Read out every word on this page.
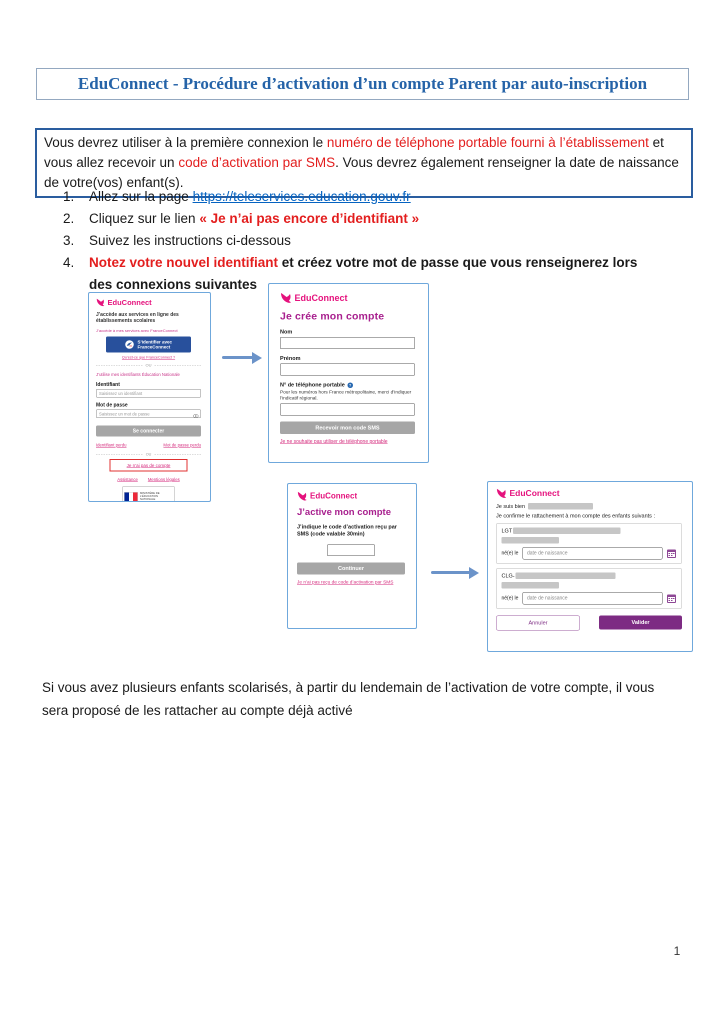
EduConnect - Procédure d’activation d’un compte Parent par auto-inscription
Vous devrez utiliser à la première connexion le numéro de téléphone portable fourni à l’établissement et vous allez recevoir un code d’activation par SMS. Vous devrez également renseigner la date de naissance de votre(vos) enfant(s).
1.	Allez sur la page https://teleservices.education.gouv.fr
2.	Cliquez sur le lien « Je n’ai pas encore d’identifiant »
3.	Suivez les instructions ci-dessous
4.	Notez votre nouvel identifiant et créez votre mot de passe que vous renseignerez lors des connexions suivantes
EduConnect
J’accède aux services en ligne des établissements scolaires
J’accède à mes services avec FranceConnect
S’identifier avec
FranceConnect
Qu’est-ce que FranceConnect ?
OU
J’utilise mes identifiants Éducation Nationale
Identifiant
Saisissez un identifiant
Mot de passe
Saisissez un mot de passe
Se connecter
Identifiant perdu	Mot de passe perdu
OU
Je n’ai pas de compte
Assistance Mentions légales
MINISTÈRE DE L’ÉDUCATION NATIONALE
EduConnect
Je crée mon compte
Nom
Prénom
N° de téléphone portable ?
Pour les numéros hors France métropolitaine, merci d’indiquer l’indicatif régional.
Recevoir mon code SMS
Je ne souhaite pas utiliser de téléphone portable
EduConnect
J’active mon compte
J’indique le code d’activation reçu par SMS (code valable 30min)
Continuer
Je n’ai pas reçu de code d’activation par SMS
EduConnect
Je suis bien
Je confirme le rattachement à mon compte des enfants suivants :
LGT
né(e) le
date de naissance
CLG-
né(e) le
date de naissance
Annuler	Valider
Si vous avez plusieurs enfants scolarisés, à partir du lendemain de l’activation de votre compte, il vous sera proposé de les rattacher au compte déjà activé
1
